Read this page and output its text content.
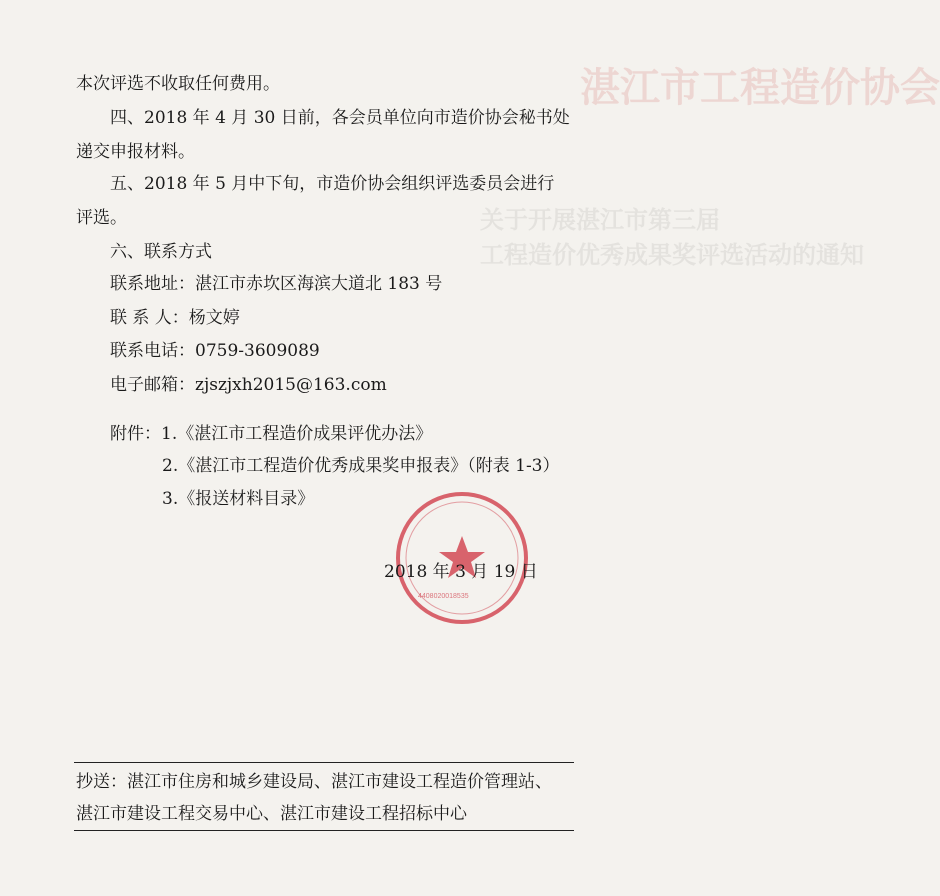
湛江市工程造价协会
关于开展湛江市第三届
工程造价优秀成果奖评选活动的通知
本次评选不收取任何费用。
四、2018 年 4 月 30 日前，各会员单位向市造价协会秘书处
递交申报材料。
五、2018 年 5 月中下旬，市造价协会组织评选委员会进行
评选。
六、联系方式
联系地址：湛江市赤坎区海滨大道北 183 号
联 系 人：杨文婷
联系电话：0759-3609089
电子邮箱：zjszjxh2015@163.com
附件：1.《湛江市工程造价成果评优办法》
2.《湛江市工程造价优秀成果奖申报表》（附表 1-3）
3.《报送材料目录》
4408020018535
2018 年 3 月 19 日
抄送：湛江市住房和城乡建设局、湛江市建设工程造价管理站、
湛江市建设工程交易中心、湛江市建设工程招标中心
